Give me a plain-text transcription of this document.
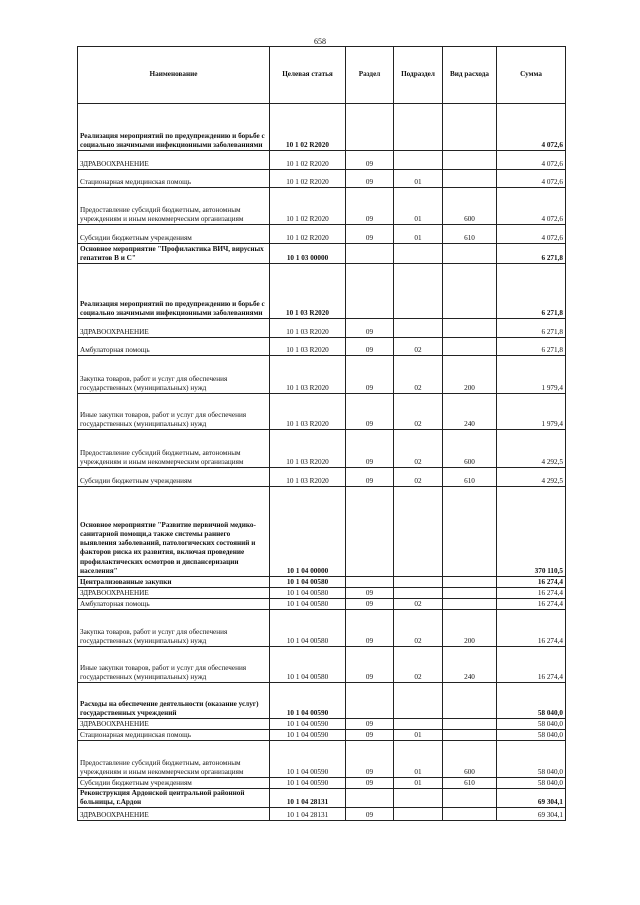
658
Наименование	Целевая статья	Раздел	Подраздел	Вид расхода	Сумма
Реализация мероприятий по предупреждению и борьбе с социально значимыми инфекционными заболеваниями	10 1 02 R2020				4 072,6
ЗДРАВООХРАНЕНИЕ	10 1 02 R2020	09			4 072,6
Стационарная медицинская помощь	10 1 02 R2020	09	01		4 072,6
Предоставление субсидий бюджетным, автономным учреждениям и иным некоммерческим организациям	10 1 02 R2020	09	01	600	4 072,6
Субсидии бюджетным учреждениям	10 1 02 R2020	09	01	610	4 072,6
Основное мероприятие "Профилактика ВИЧ, вирусных гепатитов В и С"	10 1 03 00000				6 271,8
Реализация мероприятий по предупреждению и борьбе с социально значимыми инфекционными заболеваниями	10 1 03 R2020				6 271,8
ЗДРАВООХРАНЕНИЕ	10 1 03 R2020	09			6 271,8
Амбулаторная помощь	10 1 03 R2020	09	02		6 271,8
Закупка товаров, работ и услуг для обеспечения государственных (муниципальных) нужд	10 1 03 R2020	09	02	200	1 979,4
Иные закупки товаров, работ и услуг для обеспечения государственных (муниципальных) нужд	10 1 03 R2020	09	02	240	1 979,4
Предоставление субсидий бюджетным, автономным учреждениям и иным некоммерческим организациям	10 1 03 R2020	09	02	600	4 292,5
Субсидии бюджетным учреждениям	10 1 03 R2020	09	02	610	4 292,5
Основное мероприятие "Развитие первичной медико-санитарной помощи,а также системы раннего выявления заболеваний, патологических состояний и факторов риска их развития, включая проведение профилактических осмотров и диспансеризации населения"	10 1 04 00000				370 110,5
Централизованные закупки	10 1 04 00580				16 274,4
ЗДРАВООХРАНЕНИЕ	10 1 04 00580	09			16 274,4
Амбулаторная помощь	10 1 04 00580	09	02		16 274,4
Закупка товаров, работ и услуг для обеспечения государственных (муниципальных) нужд	10 1 04 00580	09	02	200	16 274,4
Иные закупки товаров, работ и услуг для обеспечения государственных (муниципальных) нужд	10 1 04 00580	09	02	240	16 274,4
Расходы на обеспечение деятельности (оказание услуг) государственных учреждений	10 1 04 00590				58 040,0
ЗДРАВООХРАНЕНИЕ	10 1 04 00590	09			58 040,0
Стационарная медицинская помощь	10 1 04 00590	09	01		58 040,0
Предоставление субсидий бюджетным, автономным учреждениям и иным некоммерческим организациям	10 1 04 00590	09	01	600	58 040,0
Субсидии бюджетным учреждениям	10 1 04 00590	09	01	610	58 040,0
Реконструкция Ардонской центральной районной больницы, г.Ардон	10 1 04 28131				69 304,1
ЗДРАВООХРАНЕНИЕ	10 1 04 28131	09			69 304,1
